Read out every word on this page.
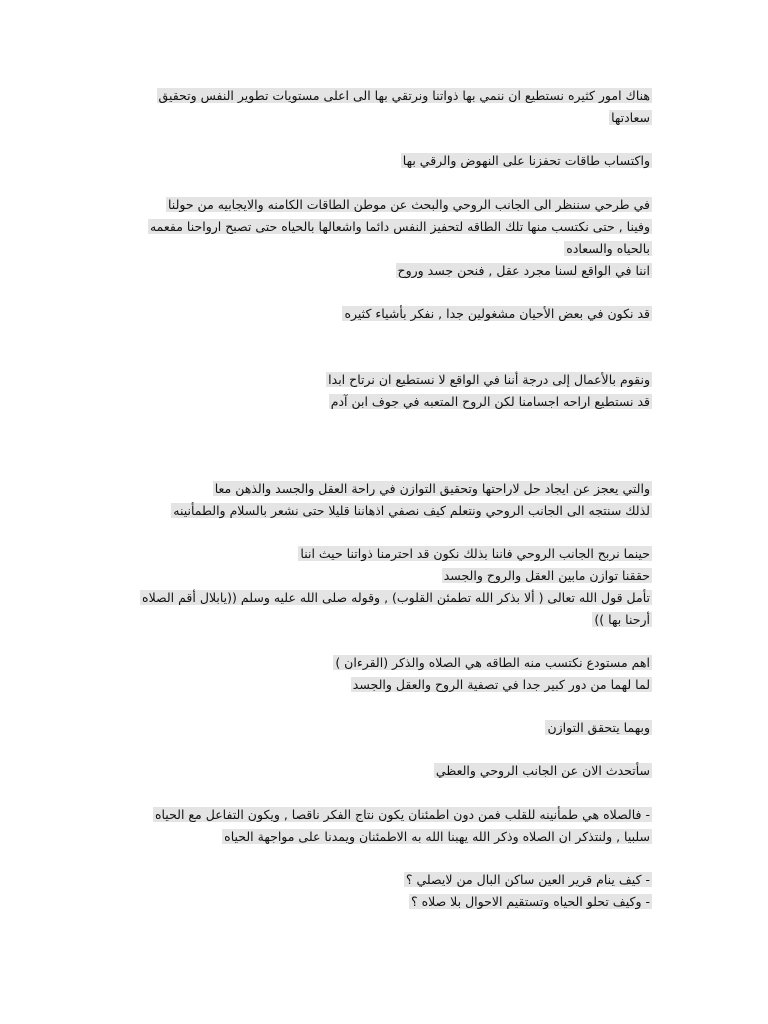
هناك امور كثيره نستطيع ان ننمي بها ذواتنا ونرتقي بها الى اعلى مستويات تطوير النفس وتحقيق
سعادتها
واكتساب طاقات تحفزنا على النهوض والرقي بها
في طرحي سننظر الى الجانب الروحي والبحث عن موطن الطاقات الكامنه والايجابيه من حولنا
وفينا , حتى نكتسب منها تلك الطاقه لتحفيز النفس دائما واشعالها بالحياه حتى تصبح ارواحنا مفعمه
بالحياه والسعاده
اننا في الواقع لسنا مجرد عقل , فنحن جسد وروح
قد نكون في بعض الأحيان مشغولين جدا , نفكر بأشياء كثيره
ونقوم بالأعمال إلى درجة أننا في الواقع لا نستطيع ان نرتاح ابدا
قد نستطيع اراحه اجسامنا لكن الروح المتعبه في جوف ابن آدم
والتي يعجز عن ايجاد حل لاراحتها وتحقيق التوازن في راحة العقل والجسد والذهن معا
لذلك سنتجه الى الجانب الروحي ونتعلم كيف نصفي اذهاننا قليلا حتى نشعر بالسلام والطمأنينه
حينما نربح الجانب الروحي فاننا بذلك نكون قد احترمنا ذواتنا حيث اننا
حققنا توازن مابين العقل والروح والجسد
تأمل قول الله تعالى ( ألا بذكر الله تطمئن القلوب) , وقوله صلى الله عليه وسلم ((يابلال أقم الصلاه
أرحنا بها ))
اهم مستودع نكتسب منه الطاقه هي الصلاه والذكر (القرءان )
لما لهما من دور كبير جدا في تصفية الروح والعقل والجسد
وبهما يتحقق التوازن
سأتحدث الان عن الجانب الروحي والعظي
- فالصلاه هي طمأنينه للقلب فمن دون اطمئنان يكون نتاج الفكر ناقصا , ويكون التفاعل مع الحياه
سلبيا , ولنتذكر ان الصلاه وذكر الله يهبنا الله به الاطمئنان ويمدنا على مواجهة الحياه
- كيف ينام قرير العين ساكن البال من لايصلي ؟
- وكيف تحلو الحياه وتستقيم الاحوال بلا صلاه ؟
